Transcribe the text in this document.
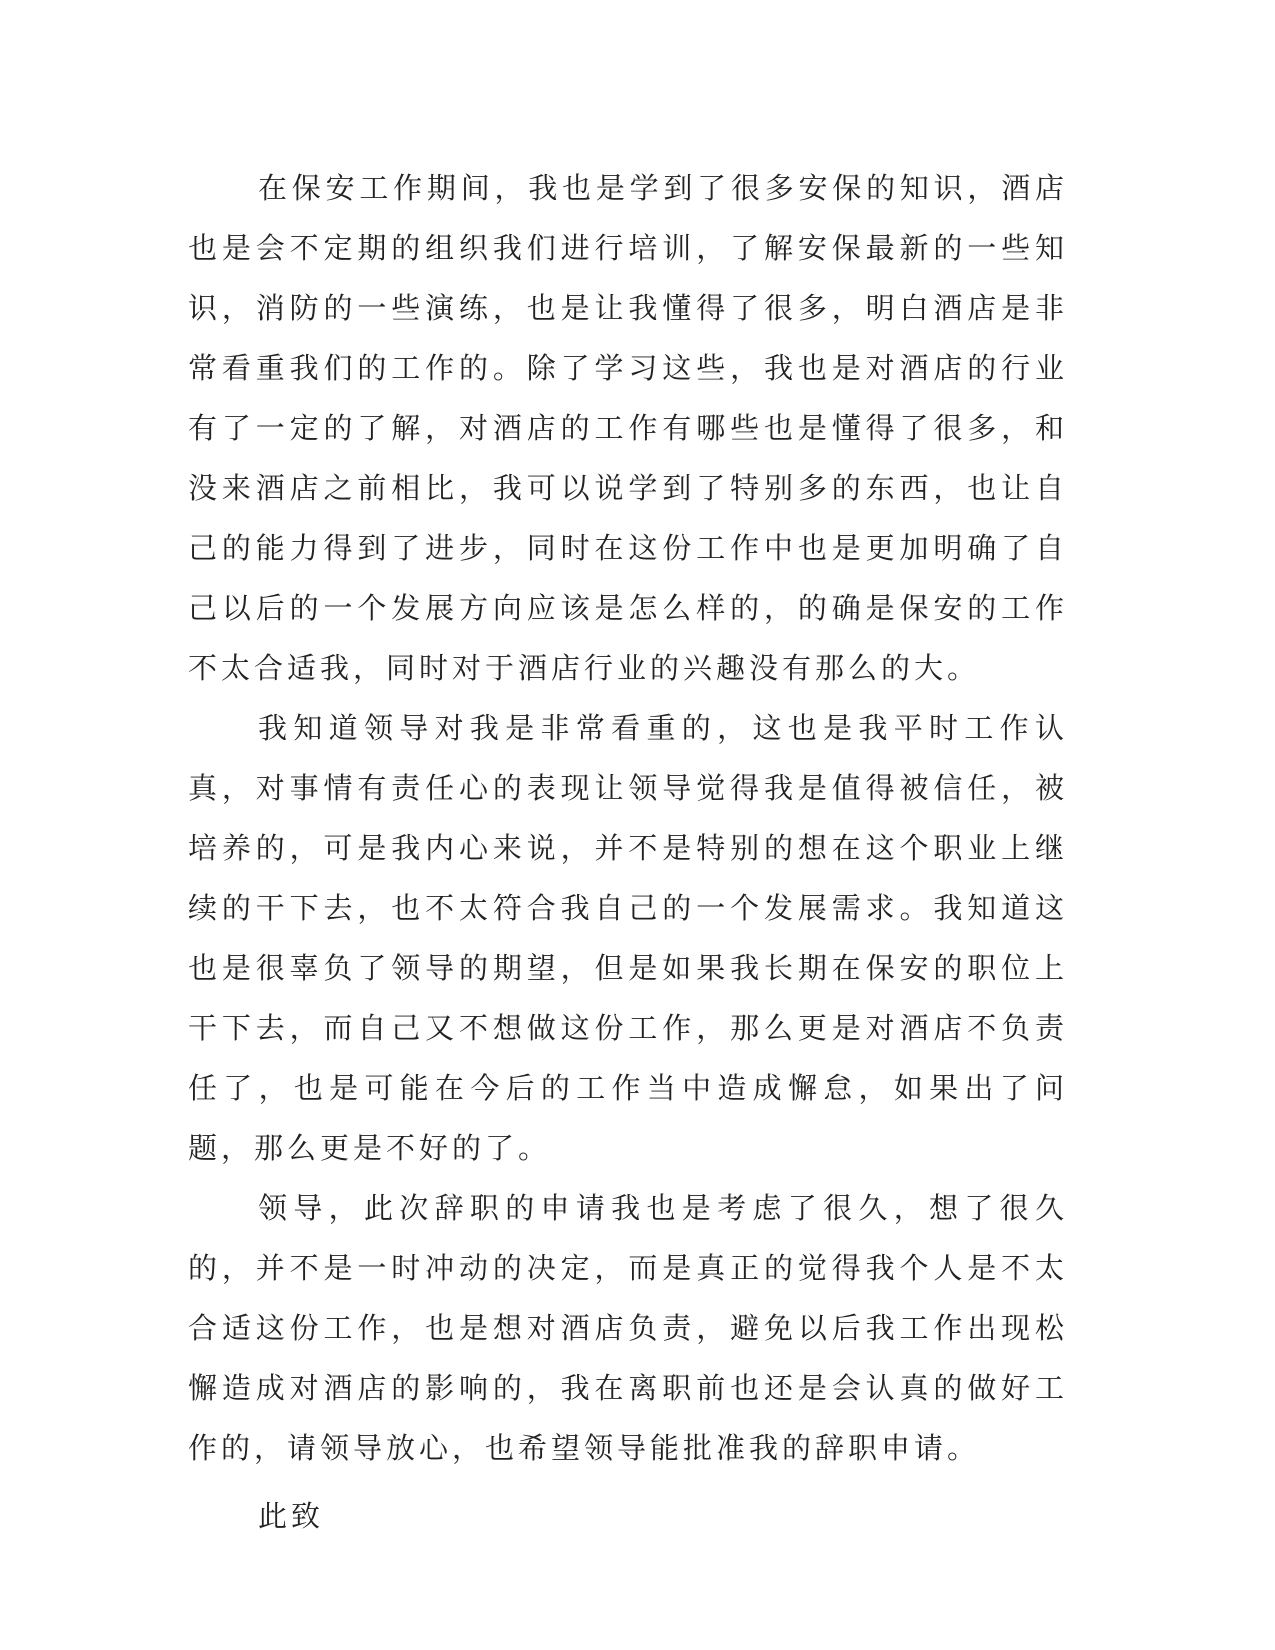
在保安工作期间，我也是学到了很多安保的知识，酒店也是会不定期的组织我们进行培训，了解安保最新的一些知识，消防的一些演练，也是让我懂得了很多，明白酒店是非常看重我们的工作的。除了学习这些，我也是对酒店的行业有了一定的了解，对酒店的工作有哪些也是懂得了很多，和没来酒店之前相比，我可以说学到了特别多的东西，也让自己的能力得到了进步，同时在这份工作中也是更加明确了自己以后的一个发展方向应该是怎么样的，的确是保安的工作不太合适我，同时对于酒店行业的兴趣没有那么的大。

我知道领导对我是非常看重的，这也是我平时工作认真，对事情有责任心的表现让领导觉得我是值得被信任，被培养的，可是我内心来说，并不是特别的想在这个职业上继续的干下去，也不太符合我自己的一个发展需求。我知道这也是很辜负了领导的期望，但是如果我长期在保安的职位上干下去，而自己又不想做这份工作，那么更是对酒店不负责任了，也是可能在今后的工作当中造成懈怠，如果出了问题，那么更是不好的了。

领导，此次辞职的申请我也是考虑了很久，想了很久的，并不是一时冲动的决定，而是真正的觉得我个人是不太合适这份工作，也是想对酒店负责，避免以后我工作出现松懈造成对酒店的影响的，我在离职前也还是会认真的做好工作的，请领导放心，也希望领导能批准我的辞职申请。

此致
